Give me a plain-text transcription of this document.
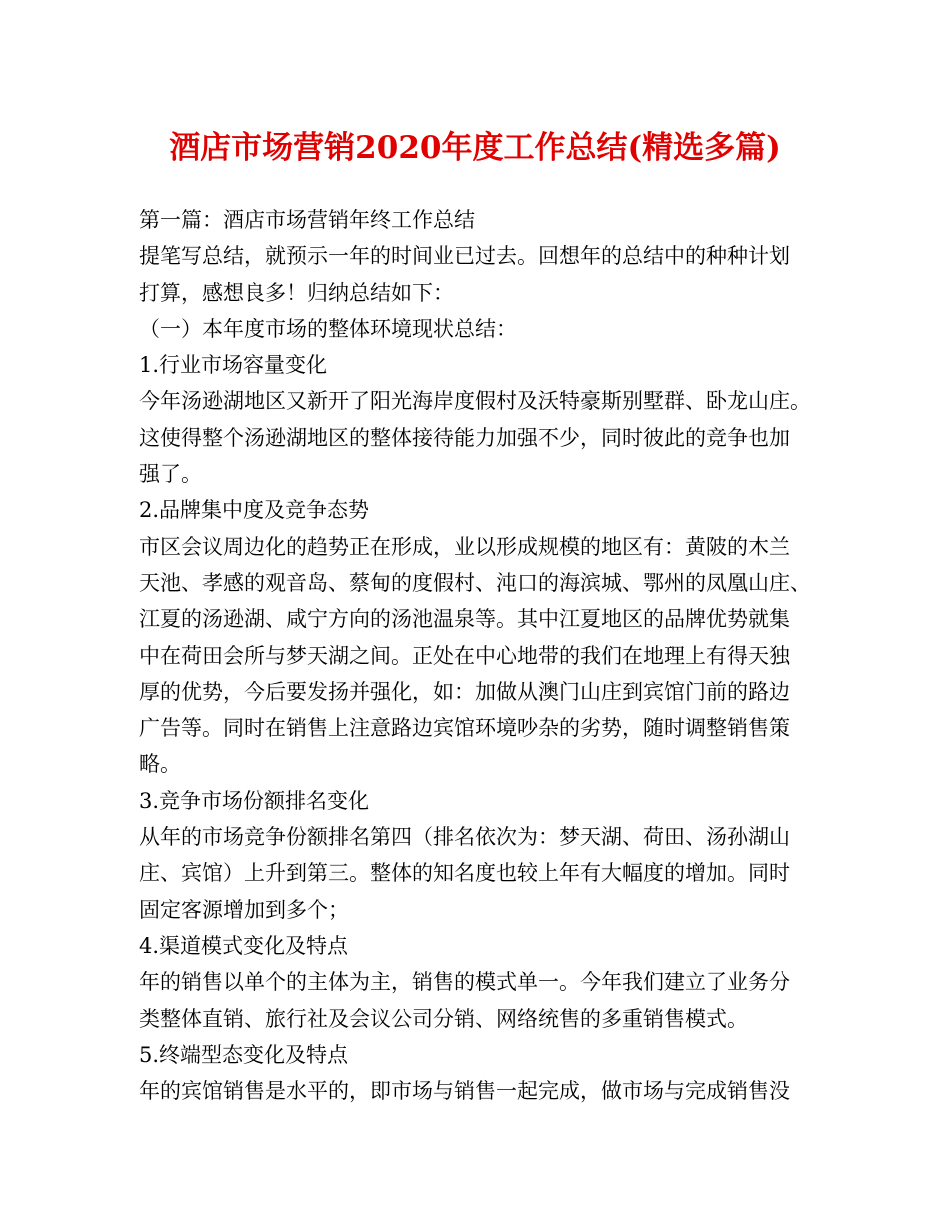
酒店市场营销2020年度工作总结(精选多篇)
第一篇：酒店市场营销年终工作总结
提笔写总结，就预示一年的时间业已过去。回想年的总结中的种种计划
打算，感想良多！归纳总结如下：
（一）本年度市场的整体环境现状总结：
1.行业市场容量变化
今年汤逊湖地区又新开了阳光海岸度假村及沃特豪斯别墅群、卧龙山庄。
这使得整个汤逊湖地区的整体接待能力加强不少，同时彼此的竞争也加
强了。
2.品牌集中度及竞争态势
市区会议周边化的趋势正在形成，业以形成规模的地区有：黄陂的木兰
天池、孝感的观音岛、蔡甸的度假村、沌口的海滨城、鄂州的凤凰山庄、
江夏的汤逊湖、咸宁方向的汤池温泉等。其中江夏地区的品牌优势就集
中在荷田会所与梦天湖之间。正处在中心地带的我们在地理上有得天独
厚的优势，今后要发扬并强化，如：加做从澳门山庄到宾馆门前的路边
广告等。同时在销售上注意路边宾馆环境吵杂的劣势，随时调整销售策
略。
3.竞争市场份额排名变化
从年的市场竞争份额排名第四（排名依次为：梦天湖、荷田、汤孙湖山
庄、宾馆）上升到第三。整体的知名度也较上年有大幅度的增加。同时
固定客源增加到多个；
4.渠道模式变化及特点
年的销售以单个的主体为主，销售的模式单一。今年我们建立了业务分
类整体直销、旅行社及会议公司分销、网络统售的多重销售模式。
5.终端型态变化及特点
年的宾馆销售是水平的，即市场与销售一起完成，做市场与完成销售没
